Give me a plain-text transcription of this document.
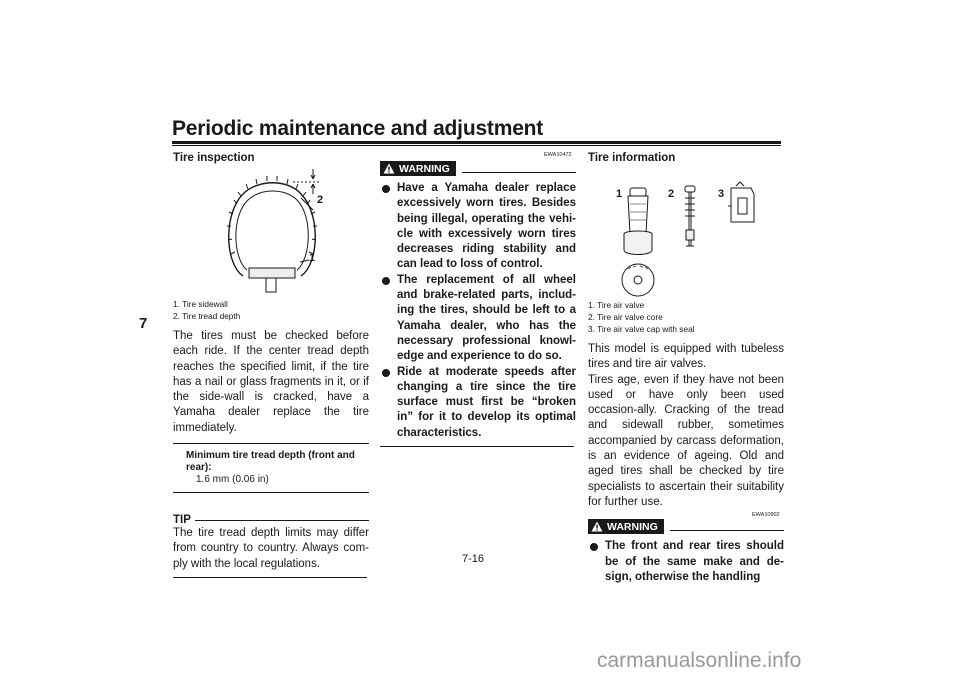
Periodic maintenance and adjustment
7
Tire inspection
2
1
1. Tire sidewall
2. Tire tread depth
The tires must be checked before each ride. If the center tread depth reaches the specified limit, if the tire has a nail or glass fragments in it, or if the side-wall is cracked, have a Yamaha dealer replace the tire immediately.
Minimum tire tread depth (front and rear):
1.6 mm (0.06 in)
TIP
The tire tread depth limits may differ from country to country. Always com-ply with the local regulations.
EWA10472
WARNING
Have a Yamaha dealer replace excessively worn tires. Besides being illegal, operating the vehi-cle with excessively worn tires decreases riding stability and can lead to loss of control.
The replacement of all wheel and brake-related parts, includ-ing the tires, should be left to a Yamaha dealer, who has the necessary professional knowl-edge and experience to do so.
Ride at moderate speeds after changing a tire since the tire surface must first be “broken in” for it to develop its optimal characteristics.
Tire information
1	2	3
1. Tire air valve
2. Tire air valve core
3. Tire air valve cap with seal
This model is equipped with tubeless tires and tire air valves.
Tires age, even if they have not been used or have only been used occasion-ally. Cracking of the tread and sidewall rubber, sometimes accompanied by carcass deformation, is an evidence of ageing. Old and aged tires shall be checked by tire specialists to ascertain their suitability for further use.
EWA10902
WARNING
The front and rear tires should be of the same make and de-sign, otherwise the handling
7-16
carmanualsonline.info
